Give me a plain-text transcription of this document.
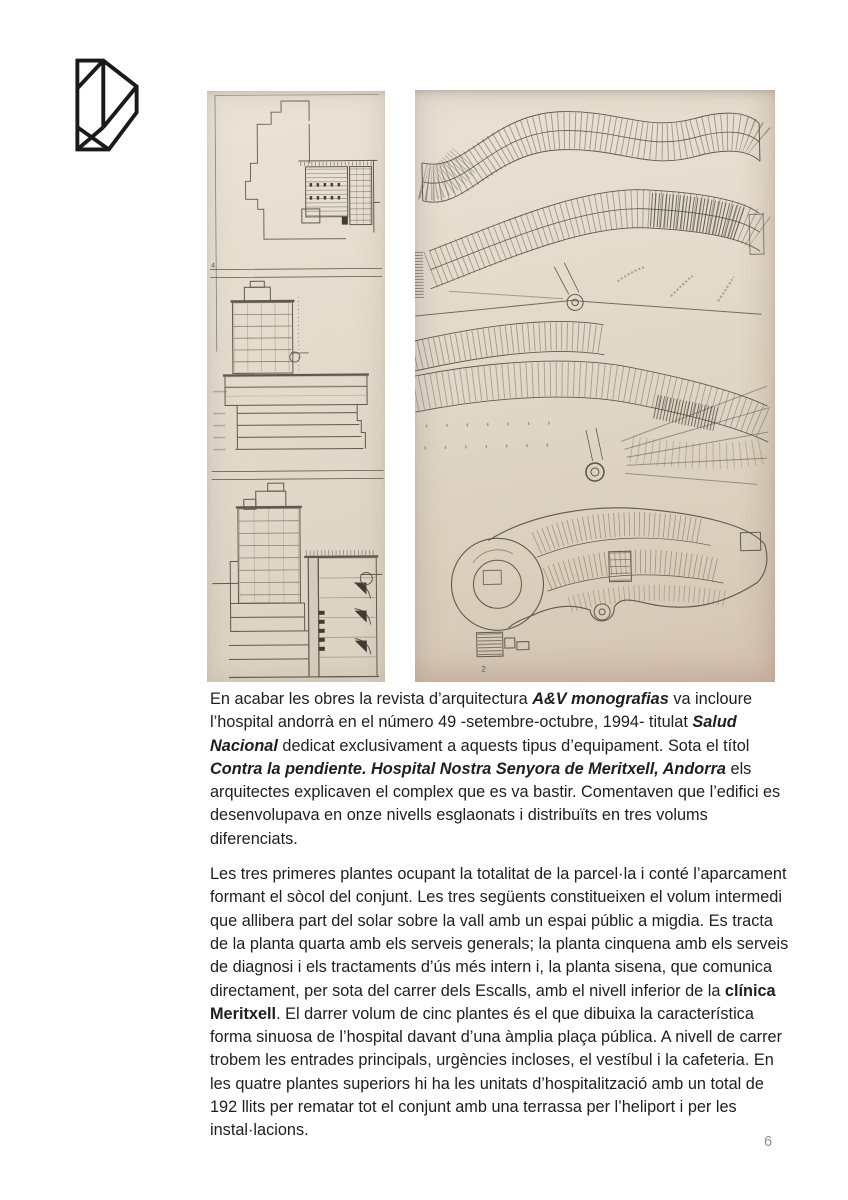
4
2

En acabar les obres la revista d’arquitectura A&V monografias va incloure l’hospital andorrà en el número 49 -setembre-octubre, 1994- titulat Salud Nacional dedicat exclusivament a aquests tipus d’equipament. Sota el títol Contra la pendiente. Hospital Nostra Senyora de Meritxell, Andorra els arquitectes explicaven el complex que es va bastir. Comentaven que l’edifici es desenvolupava en onze nivells esglaonats i distribuïts en tres volums diferenciats.

Les tres primeres plantes ocupant la totalitat de la parcel·la i conté l’aparcament formant el sòcol del conjunt. Les tres següents constitueixen el volum intermedi que allibera part del solar sobre la vall amb un espai públic a migdia. Es tracta de la planta quarta amb els serveis generals; la planta cinquena amb els serveis de diagnosi i els tractaments d’ús més intern i, la planta sisena, que comunica directament, per sota del carrer dels Escalls, amb el nivell inferior de la clínica Meritxell. El darrer volum de cinc plantes és el que dibuixa la característica forma sinuosa de l’hospital davant d’una àmplia plaça pública. A nivell de carrer trobem les entrades principals, urgències incloses, el vestíbul i la cafeteria. En les quatre plantes superiors hi ha les unitats d’hospitalització amb un total de 192 llits per rematar tot el conjunt amb una terrassa per l’heliport i per les instal·lacions.

6
